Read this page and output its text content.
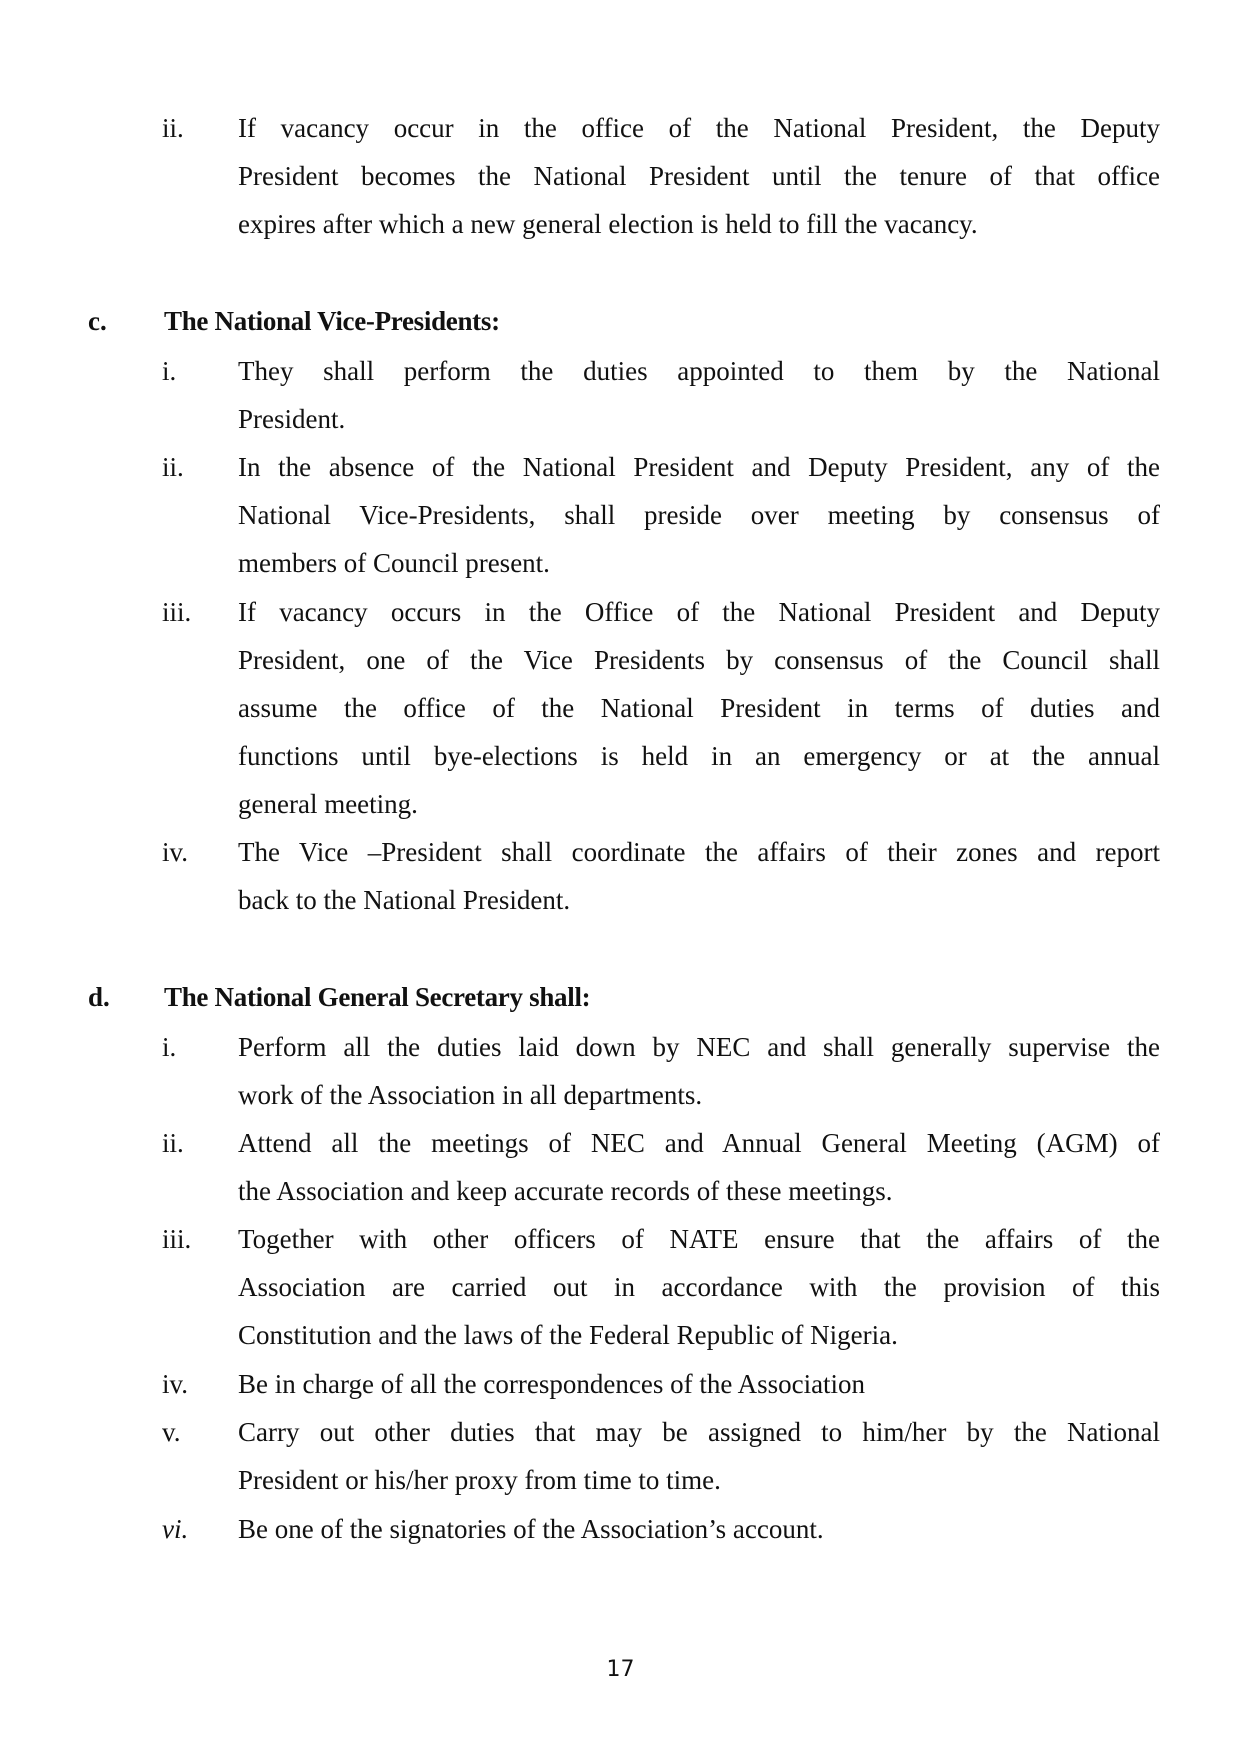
ii. If vacancy occur in the office of the National President, the Deputy
President becomes the National President until the tenure of that office
expires after which a new general election is held to fill the vacancy.
c. The National Vice-Presidents:
i. They shall perform the duties appointed to them by the National
President.
ii. In the absence of the National President and Deputy President, any of the
National Vice-Presidents, shall preside over meeting by consensus of
members of Council present.
iii. If vacancy occurs in the Office of the National President and Deputy
President, one of the Vice Presidents by consensus of the Council shall
assume the office of the National President in terms of duties and
functions until bye-elections is held in an emergency or at the annual
general meeting.
iv. The Vice –President shall coordinate the affairs of their zones and report
back to the National President.
d. The National General Secretary shall:
i. Perform all the duties laid down by NEC and shall generally supervise the
work of the Association in all departments.
ii. Attend all the meetings of NEC and Annual General Meeting (AGM) of
the Association and keep accurate records of these meetings.
iii. Together with other officers of NATE ensure that the affairs of the
Association are carried out in accordance with the provision of this
Constitution and the laws of the Federal Republic of Nigeria.
iv. Be in charge of all the correspondences of the Association
v. Carry out other duties that may be assigned to him/her by the National
President or his/her proxy from time to time.
vi. Be one of the signatories of the Association’s account.
17
